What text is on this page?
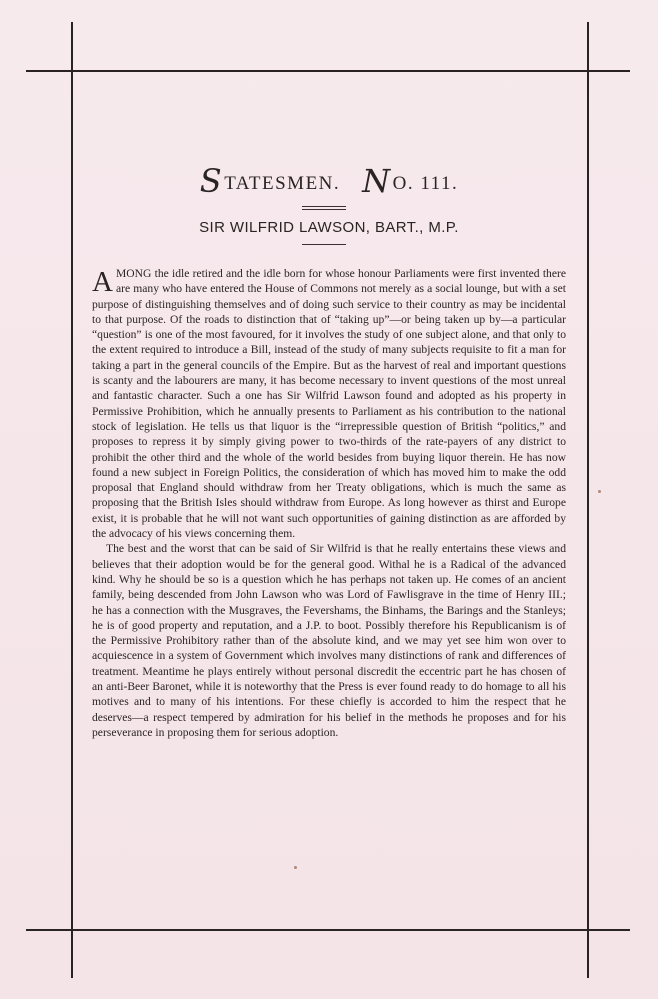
STATESMEN. NO. 111.
SIR WILFRID LAWSON, BART., M.P.

AMONG the idle retired and the idle born for whose honour Parliaments were first invented there are many who have entered the House of Commons not merely as a social lounge, but with a set purpose of distinguishing themselves and of doing such service to their country as may be incidental to that purpose. Of the roads to distinction that of “taking up”—or being taken up by—a particular “question” is one of the most favoured, for it involves the study of one subject alone, and that only to the extent required to introduce a Bill, instead of the study of many subjects requisite to fit a man for taking a part in the general councils of the Empire. But as the harvest of real and important questions is scanty and the labourers are many, it has become necessary to invent questions of the most unreal and fantastic character. Such a one has Sir Wilfrid Lawson found and adopted as his property in Permissive Prohibition, which he annually presents to Parliament as his contribution to the national stock of legislation. He tells us that liquor is the “irrepressible question of British “politics,” and proposes to repress it by simply giving power to two-thirds of the rate-payers of any district to prohibit the other third and the whole of the world besides from buying liquor therein. He has now found a new subject in Foreign Politics, the consideration of which has moved him to make the odd proposal that England should withdraw from her Treaty obligations, which is much the same as proposing that the British Isles should withdraw from Europe. As long however as thirst and Europe exist, it is probable that he will not want such opportunities of gaining distinction as are afforded by the advocacy of his views concerning them.

The best and the worst that can be said of Sir Wilfrid is that he really entertains these views and believes that their adoption would be for the general good. Withal he is a Radical of the advanced kind. Why he should be so is a question which he has perhaps not taken up. He comes of an ancient family, being descended from John Lawson who was Lord of Fawlisgrave in the time of Henry III.; he has a connection with the Musgraves, the Fevershams, the Binhams, the Barings and the Stanleys; he is of good property and reputation, and a J.P. to boot. Possibly therefore his Republicanism is of the Permissive Prohibitory rather than of the absolute kind, and we may yet see him won over to acquiescence in a system of Government which involves many distinctions of rank and differences of treatment. Meantime he plays entirely without personal discredit the eccentric part he has chosen of an anti-Beer Baronet, while it is noteworthy that the Press is ever found ready to do homage to all his motives and to many of his intentions. For these chiefly is accorded to him the respect that he deserves—a respect tempered by admiration for his belief in the methods he proposes and for his perseverance in proposing them for serious adoption.
